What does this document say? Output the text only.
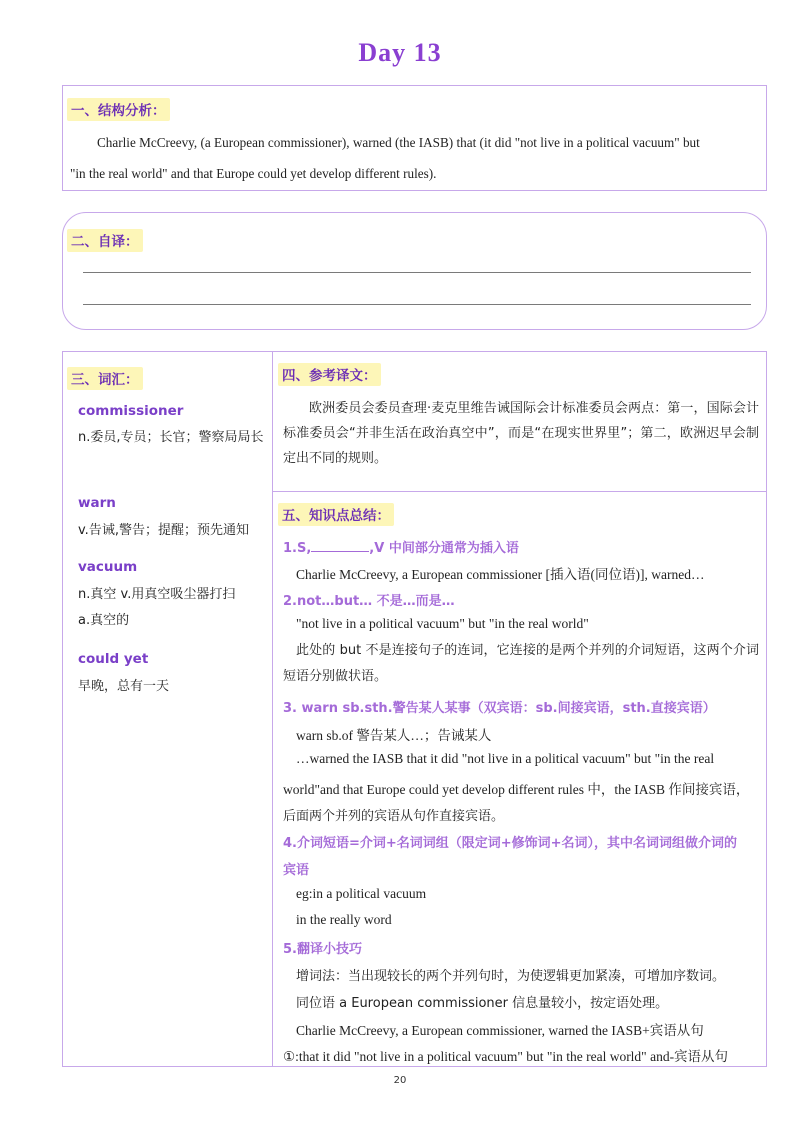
Day 13
一、结构分析：
Charlie McCreevy, (a European commissioner), warned (the IASB) that (it did "not live in a political vacuum" but
"in the real world" and that Europe could yet develop different rules).
二、自译：
三、词汇：
commissioner
n.委员,专员；长官；警察局局长
warn
v.告诫,警告；提醒；预先通知
vacuum
n.真空 v.用真空吸尘器打扫
a.真空的
could yet
早晚，总有一天
四、参考译文：
欧洲委员会委员查理·麦克里维告诫国际会计标准委员会两点：第一，国际会计标准委员会“并非生活在政治真空中”，而是“在现实世界里”；第二，欧洲迟早会制定出不同的规则。
五、知识点总结：
1.S,	,V 中间部分通常为插入语
Charlie McCreevy, a European commissioner [插入语(同位语)], warned…
2.not…but… 不是…而是…
"not live in a political vacuum" but "in the real world"
此处的 but 不是连接句子的连词，它连接的是两个并列的介词短语，这两个介词短语分别做状语。
3. warn sb.sth.警告某人某事（双宾语：sb.间接宾语，sth.直接宾语）
warn sb.of 警告某人…；告诫某人
…warned the IASB that it did "not live in a political vacuum" but "in the real
world"and that Europe could yet develop different rules 中，the IASB 作间接宾语，
后面两个并列的宾语从句作直接宾语。
4.介词短语=介词+名词词组（限定词+修饰词+名词），其中名词词组做介词的
宾语
eg:in a political vacuum
in the really word
5.翻译小技巧
增词法：当出现较长的两个并列句时，为使逻辑更加紧凑，可增加序数词。
同位语 a European commissioner 信息量较小，按定语处理。
Charlie McCreevy, a European commissioner, warned the IASB+宾语从句
①:that it did "not live in a political vacuum" but "in the real world" and-宾语从句
20
